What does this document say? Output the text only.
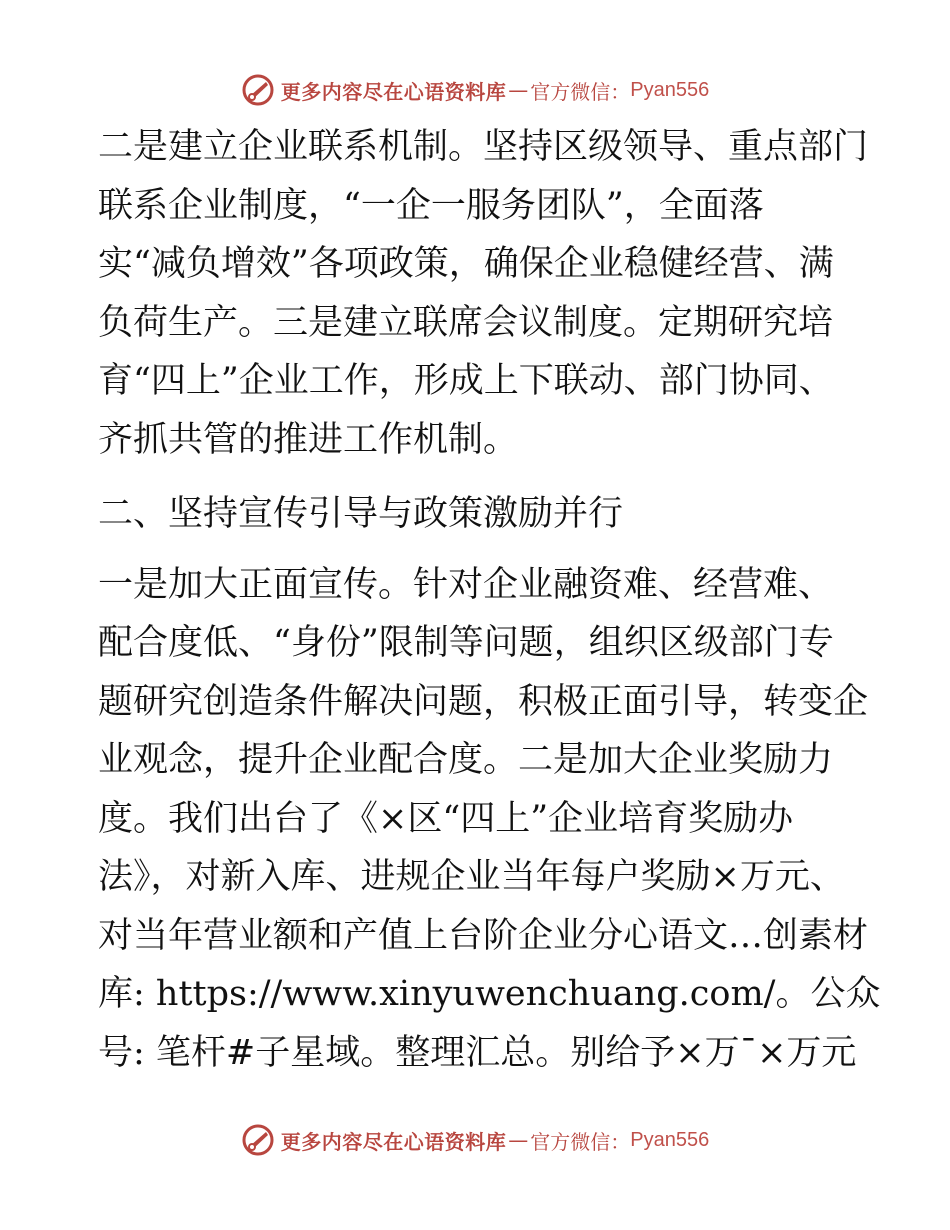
更多内容尽在心语资料库 — 官方微信： Pyan556
二是建立企业联系机制。坚持区级领导、重点部门
联系企业制度，“一企一服务团队”，全面落
实“减负增效”各项政策，确保企业稳健经营、满
负荷生产。三是建立联席会议制度。定期研究培
育“四上”企业工作，形成上下联动、部门协同、
齐抓共管的推进工作机制。
二、坚持宣传引导与政策激励并行
一是加大正面宣传。针对企业融资难、经营难、
配合度低、“身份”限制等问题，组织区级部门专
题研究创造条件解决问题，积极正面引导，转变企
业观念，提升企业配合度。二是加大企业奖励力
度。我们出台了《×区“四上”企业培育奖励办
法》，对新入库、进规企业当年每户奖励×万元、
对当年营业额和产值上台阶企业分心语文…创素材
库: https://www.xinyuwenchuang.com/。公众
号: 笔杆#子星域。整理汇总。别给予×万¯×万元
更多内容尽在心语资料库 — 官方微信： Pyan556
